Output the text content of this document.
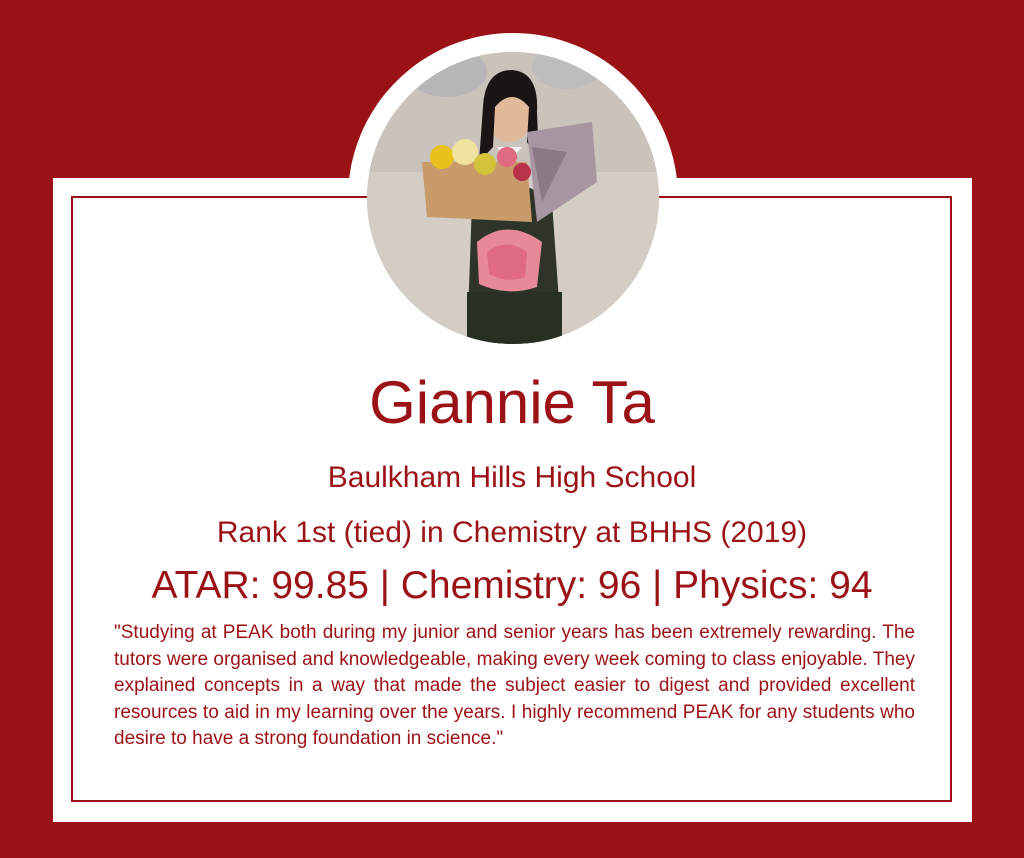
Giannie Ta
Baulkham Hills High School
Rank 1st (tied) in Chemistry at BHHS (2019)
ATAR: 99.85 | Chemistry: 96 | Physics: 94
"Studying at PEAK both during my junior and senior years has been extremely rewarding. The tutors were organised and knowledgeable, making every week coming to class enjoyable. They explained concepts in a way that made the subject easier to digest and provided excellent resources to aid in my learning over the years. I highly recommend PEAK for any students who desire to have a strong foundation in science."
